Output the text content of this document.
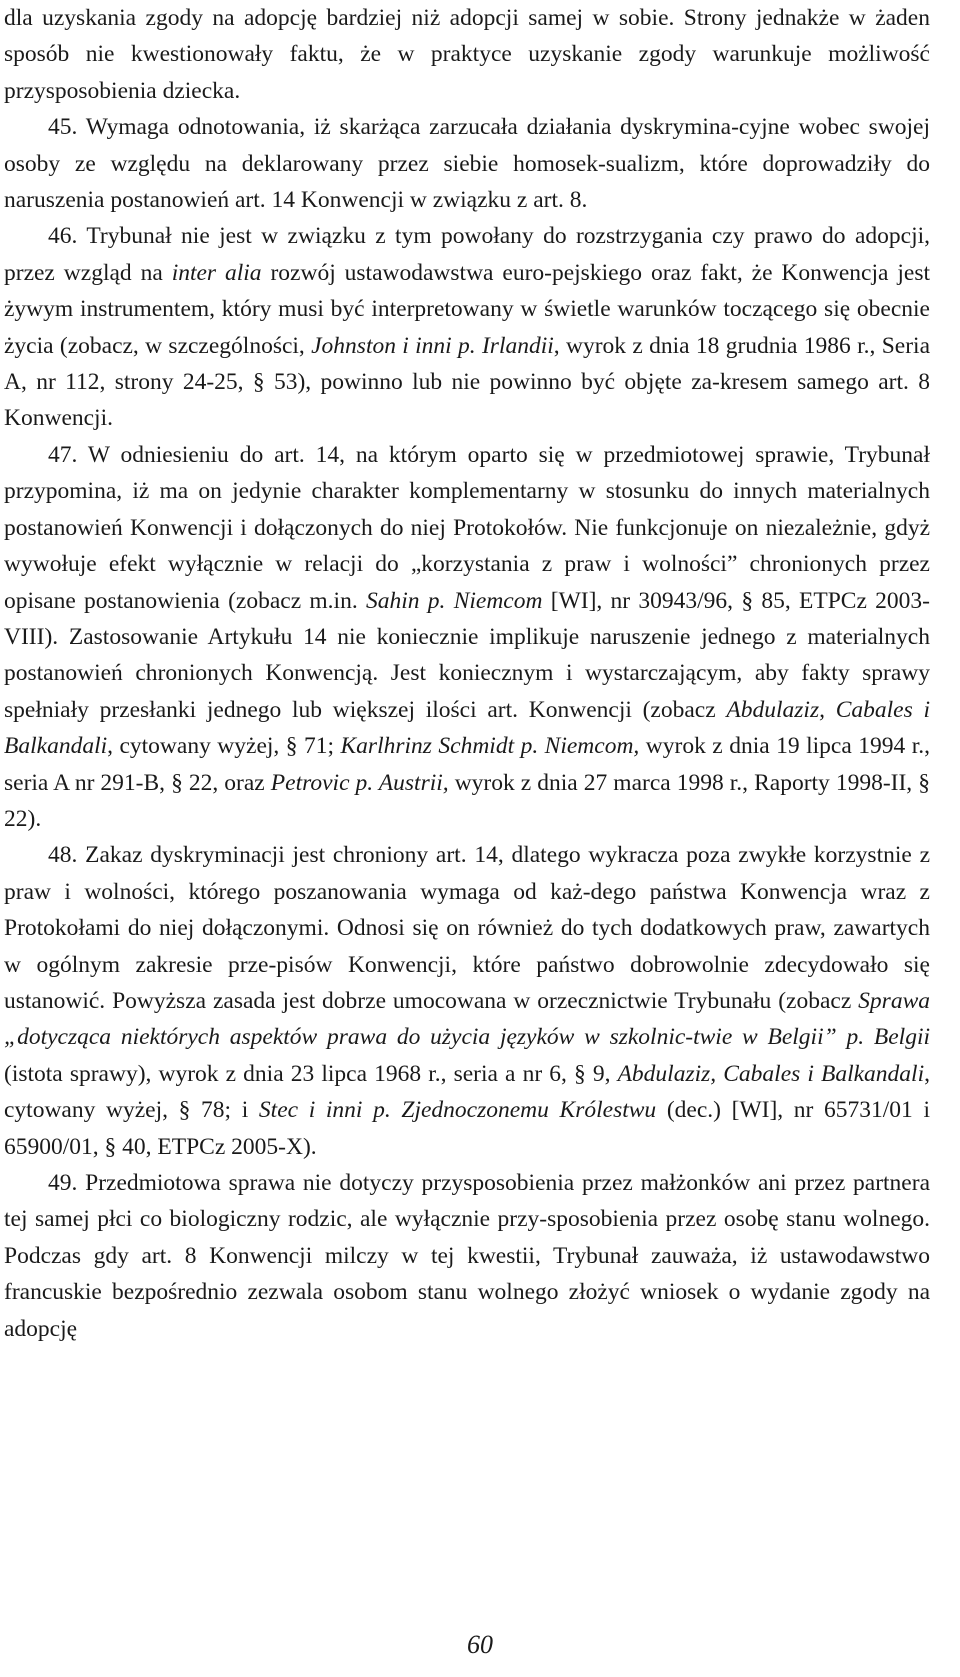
dla uzyskania zgody na adopcję bardziej niż adopcji samej w sobie. Strony jednakże w żaden sposób nie kwestionowały faktu, że w praktyce uzyskanie zgody warunkuje możliwość przysposobienia dziecka.

45. Wymaga odnotowania, iż skarżąca zarzucała działania dyskrymina-cyjne wobec swojej osoby ze względu na deklarowany przez siebie homosek-sualizm, które doprowadziły do naruszenia postanowień art. 14 Konwencji w związku z art. 8.

46. Trybunał nie jest w związku z tym powołany do rozstrzygania czy prawo do adopcji, przez wzgląd na inter alia rozwój ustawodawstwa euro-pejskiego oraz fakt, że Konwencja jest żywym instrumentem, który musi być interpretowany w świetle warunków toczącego się obecnie życia (zobacz, w szczególności, Johnston i inni p. Irlandii, wyrok z dnia 18 grudnia 1986 r., Seria A, nr 112, strony 24-25, § 53), powinno lub nie powinno być objęte za-kresem samego art. 8 Konwencji.

47. W odniesieniu do art. 14, na którym oparto się w przedmiotowej sprawie, Trybunał przypomina, iż ma on jedynie charakter komplementarny w stosunku do innych materialnych postanowień Konwencji i dołączonych do niej Protokołów. Nie funkcjonuje on niezależnie, gdyż wywołuje efekt wyłącznie w relacji do „korzystania z praw i wolności” chronionych przez opisane postanowienia (zobacz m.in. Sahin p. Niemcom [WI], nr 30943/96, § 85, ETPCz 2003-VIII). Zastosowanie Artykułu 14 nie koniecznie implikuje naruszenie jednego z materialnych postanowień chronionych Konwencją. Jest koniecznym i wystarczającym, aby fakty sprawy spełniały przesłanki jednego lub większej ilości art. Konwencji (zobacz Abdulaziz, Cabales i Balkandali, cytowany wyżej, § 71; Karlhrinz Schmidt p. Niemcom, wyrok z dnia 19 lipca 1994 r., seria A nr 291-B, § 22, oraz Petrovic p. Austrii, wyrok z dnia 27 marca 1998 r., Raporty 1998-II, § 22).

48. Zakaz dyskryminacji jest chroniony art. 14, dlatego wykracza poza zwykłe korzystnie z praw i wolności, którego poszanowania wymaga od każ-dego państwa Konwencja wraz z Protokołami do niej dołączonymi. Odnosi się on również do tych dodatkowych praw, zawartych w ogólnym zakresie prze-pisów Konwencji, które państwo dobrowolnie zdecydowało się ustanowić. Powyższa zasada jest dobrze umocowana w orzecznictwie Trybunału (zobacz Sprawa „dotycząca niektórych aspektów prawa do użycia języków w szkolnic-twie w Belgii” p. Belgii (istota sprawy), wyrok z dnia 23 lipca 1968 r., seria a nr 6, § 9, Abdulaziz, Cabales i Balkandali, cytowany wyżej, § 78; i Stec i inni p. Zjednoczonemu Królestwu (dec.) [WI], nr 65731/01 i 65900/01, § 40, ETPCz 2005-X).

49. Przedmiotowa sprawa nie dotyczy przysposobienia przez małżonków ani przez partnera tej samej płci co biologiczny rodzic, ale wyłącznie przy-sposobienia przez osobę stanu wolnego. Podczas gdy art. 8 Konwencji milczy w tej kwestii, Trybunał zauważa, iż ustawodawstwo francuskie bezpośrednio zezwala osobom stanu wolnego złożyć wniosek o wydanie zgody na adopcję

60
